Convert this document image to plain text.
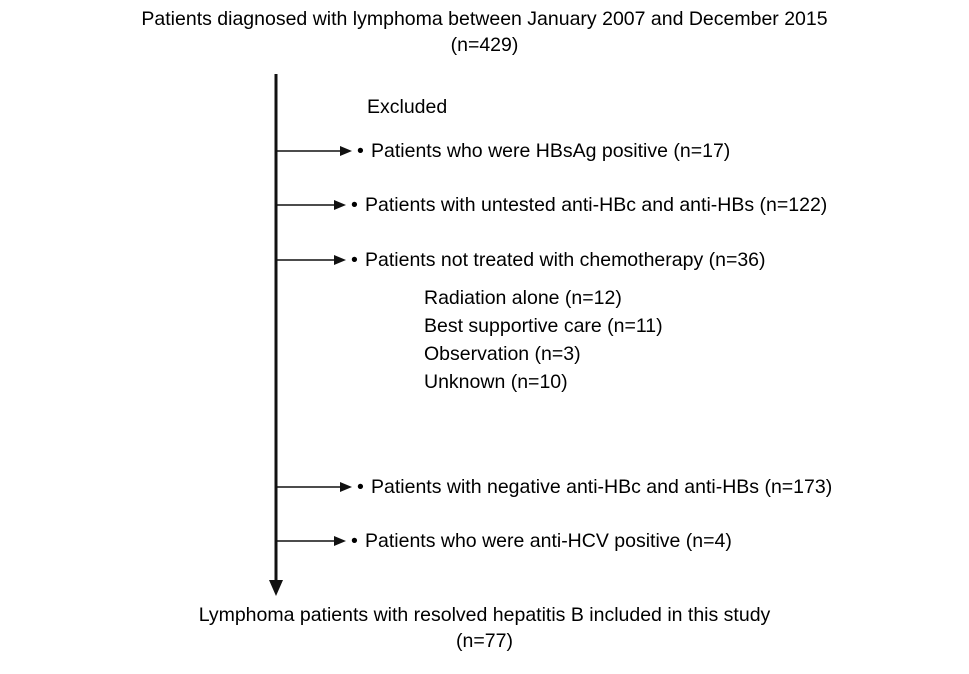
Patients diagnosed with lymphoma between January 2007 and December 2015
(n=429)
Excluded
• Patients who were HBsAg positive (n=17)
• Patients with untested anti-HBc and anti-HBs (n=122)
• Patients not treated with chemotherapy (n=36)
Radiation alone (n=12)
Best supportive care (n=11)
Observation (n=3)
Unknown (n=10)
• Patients with negative anti-HBc and anti-HBs (n=173)
• Patients who were anti-HCV positive (n=4)
Lymphoma patients with resolved hepatitis B included in this study
(n=77)
